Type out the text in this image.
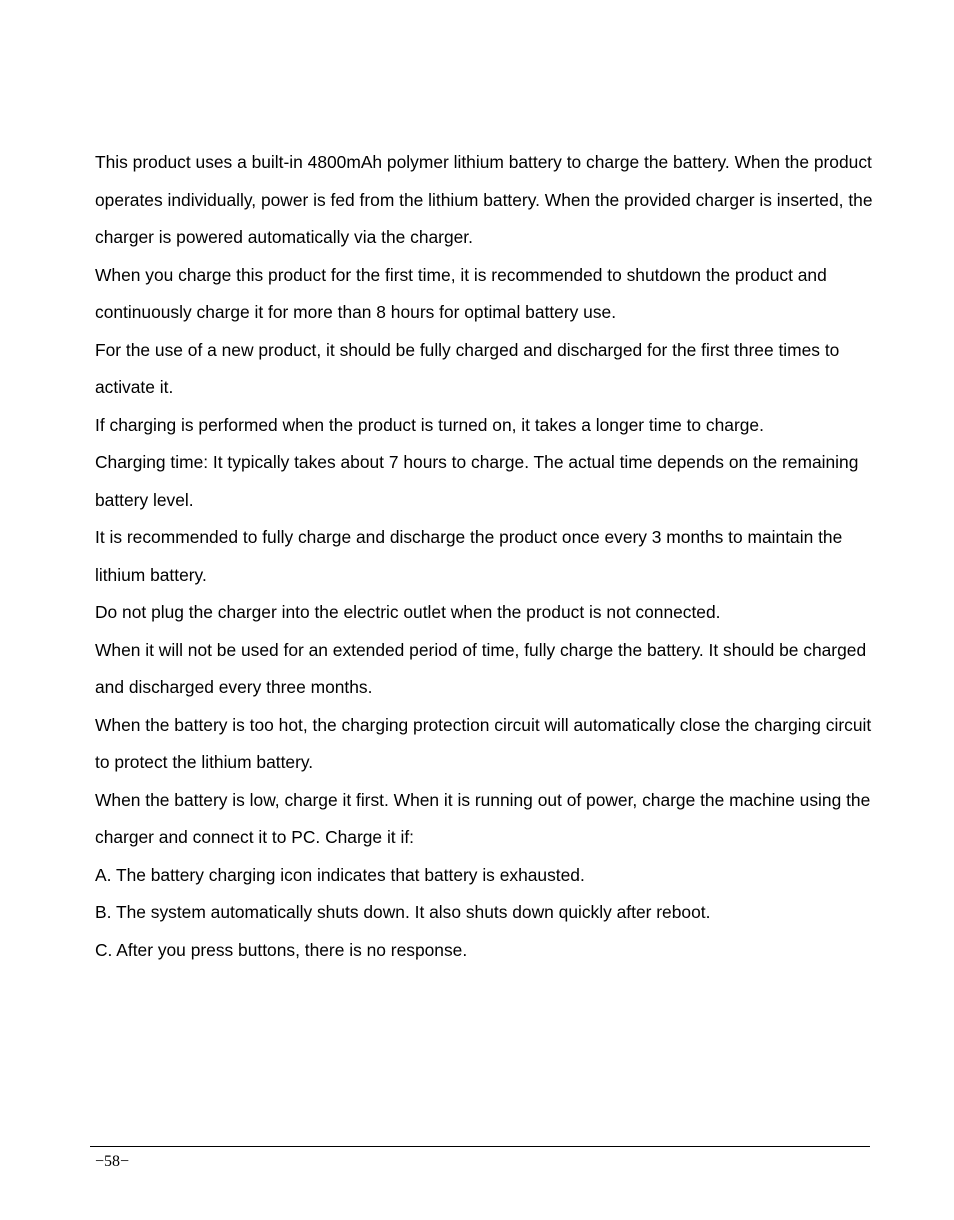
This product uses a built-in 4800mAh polymer lithium battery to charge the battery. When the product operates individually, power is fed from the lithium battery. When the provided charger is inserted, the charger is powered automatically via the charger.

When you charge this product for the first time, it is recommended to shutdown the product and continuously charge it for more than 8 hours for optimal battery use.

For the use of a new product, it should be fully charged and discharged for the first three times to activate it.

If charging is performed when the product is turned on, it takes a longer time to charge.

Charging time: It typically takes about 7 hours to charge. The actual time depends on the remaining battery level.

It is recommended to fully charge and discharge the product once every 3 months to maintain the lithium battery.

Do not plug the charger into the electric outlet when the product is not connected.

When it will not be used for an extended period of time, fully charge the battery. It should be charged and discharged every three months.

When the battery is too hot, the charging protection circuit will automatically close the charging circuit to protect the lithium battery.

When the battery is low, charge it first. When it is running out of power, charge the machine using the charger and connect it to PC. Charge it if:

A. The battery charging icon indicates that battery is exhausted.

B. The system automatically shuts down. It also shuts down quickly after reboot.

C. After you press buttons, there is no response.

−58−
